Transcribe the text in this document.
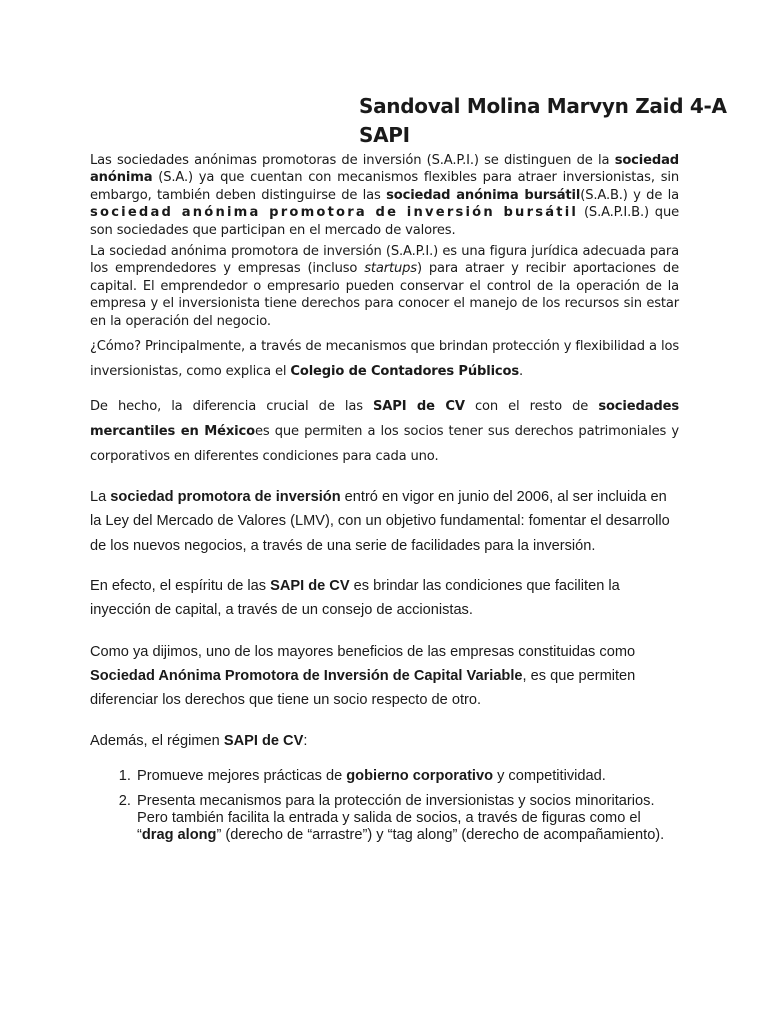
Sandoval Molina Marvyn Zaid 4-A
SAPI

Las sociedades anónimas promotoras de inversión (S.A.P.I.) se distinguen de la sociedad anónima (S.A.) ya que cuentan con mecanismos flexibles para atraer inversionistas, sin embargo, también deben distinguirse de las sociedad anónima bursátil(S.A.B.) y de la sociedad anónima promotora de inversión bursátil (S.A.P.I.B.) que son sociedades que participan en el mercado de valores.

La sociedad anónima promotora de inversión (S.A.P.I.) es una figura jurídica adecuada para los emprendedores y empresas (incluso startups) para atraer y recibir aportaciones de capital. El emprendedor o empresario pueden conservar el control de la operación de la empresa y el inversionista tiene derechos para conocer el manejo de los recursos sin estar en la operación del negocio.

¿Cómo? Principalmente, a través de mecanismos que brindan protección y flexibilidad a los inversionistas, como explica el Colegio de Contadores Públicos.

De hecho, la diferencia crucial de las SAPI de CV con el resto de sociedades mercantiles en Méxicoes que permiten a los socios tener sus derechos patrimoniales y corporativos en diferentes condiciones para cada uno.

La sociedad promotora de inversión entró en vigor en junio del 2006, al ser incluida en la Ley del Mercado de Valores (LMV), con un objetivo fundamental: fomentar el desarrollo de los nuevos negocios, a través de una serie de facilidades para la inversión.

En efecto, el espíritu de las SAPI de CV es brindar las condiciones que faciliten la inyección de capital, a través de un consejo de accionistas.

Como ya dijimos, uno de los mayores beneficios de las empresas constituidas como Sociedad Anónima Promotora de Inversión de Capital Variable, es que permiten diferenciar los derechos que tiene un socio respecto de otro.

Además, el régimen SAPI de CV:

1. Promueve mejores prácticas de gobierno corporativo y competitividad.
2. Presenta mecanismos para la protección de inversionistas y socios minoritarios. Pero también facilita la entrada y salida de socios, a través de figuras como el “drag along” (derecho de “arrastre”) y “tag along” (derecho de acompañamiento).
